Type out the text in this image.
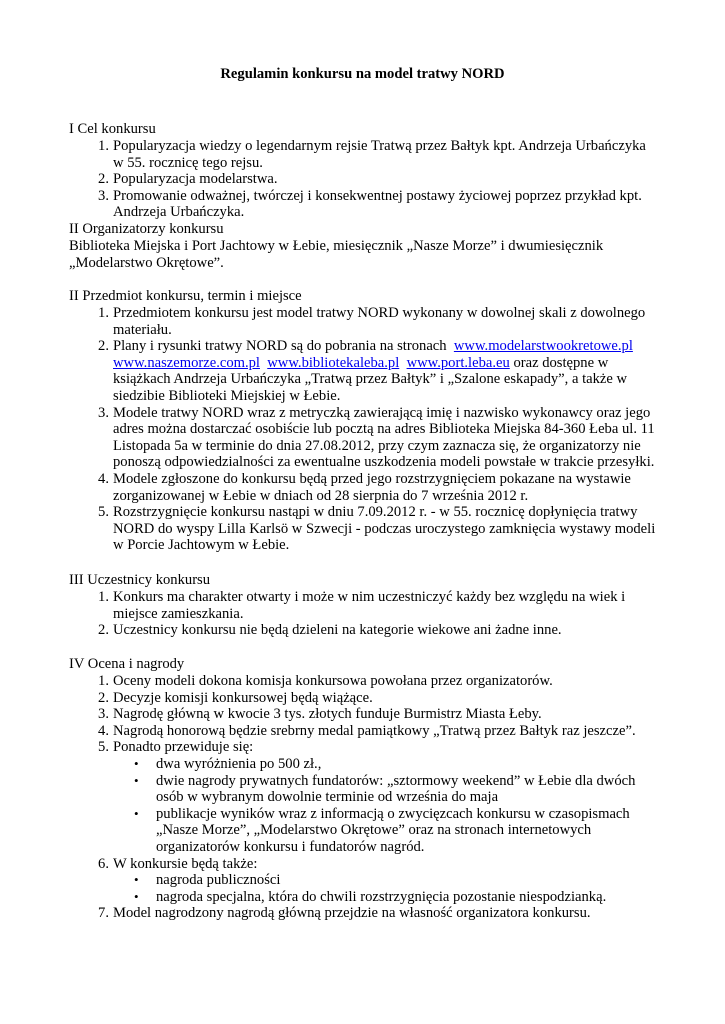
Regulamin konkursu na model tratwy NORD
I Cel konkursu
1. Popularyzacja wiedzy o legendarnym rejsie Tratwą przez Bałtyk kpt. Andrzeja Urbańczyka
w 55. rocznicę tego rejsu.
2. Popularyzacja modelarstwa.
3. Promowanie odważnej, twórczej i konsekwentnej postawy życiowej poprzez przykład kpt.
Andrzeja Urbańczyka.
II Organizatorzy konkursu
Biblioteka Miejska i Port Jachtowy w Łebie, miesięcznik „Nasze Morze” i dwumiesięcznik
„Modelarstwo Okrętowe”.
II Przedmiot konkursu, termin i miejsce
1. Przedmiotem konkursu jest model tratwy NORD wykonany w dowolnej skali z dowolnego
materiału.
2. Plany i rysunki tratwy NORD są do pobrania na stronach www.modelarstwookretowe.pl
www.naszemorze.com.pl www.bibliotekaleba.pl www.port.leba.eu oraz dostępne w
książkach Andrzeja Urbańczyka „Tratwą przez Bałtyk” i „Szalone eskapady”, a także w
siedzibie Biblioteki Miejskiej w Łebie.
3. Modele tratwy NORD wraz z metryczką zawierającą imię i nazwisko wykonawcy oraz jego
adres można dostarczać osobiście lub pocztą na adres Biblioteka Miejska 84-360 Łeba ul. 11
Listopada 5a w terminie do dnia 27.08.2012, przy czym zaznacza się, że organizatorzy nie
ponoszą odpowiedzialności za ewentualne uszkodzenia modeli powstałe w trakcie przesyłki.
4. Modele zgłoszone do konkursu będą przed jego rozstrzygnięciem pokazane na wystawie
zorganizowanej w Łebie w dniach od 28 sierpnia do 7 września 2012 r.
5. Rozstrzygnięcie konkursu nastąpi w dniu 7.09.2012 r. - w 55. rocznicę dopłynięcia tratwy
NORD do wyspy Lilla Karlsö w Szwecji - podczas uroczystego zamknięcia wystawy modeli
w Porcie Jachtowym w Łebie.
III Uczestnicy konkursu
1. Konkurs ma charakter otwarty i może w nim uczestniczyć każdy bez względu na wiek i
miejsce zamieszkania.
2. Uczestnicy konkursu nie będą dzieleni na kategorie wiekowe ani żadne inne.
IV Ocena i nagrody
1. Oceny modeli dokona komisja konkursowa powołana przez organizatorów.
2. Decyzje komisji konkursowej będą wiążące.
3. Nagrodę główną w kwocie 3 tys. złotych funduje Burmistrz Miasta Łeby.
4. Nagrodą honorową będzie srebrny medal pamiątkowy „Tratwą przez Bałtyk raz jeszcze”.
5. Ponadto przewiduje się:
• dwa wyróżnienia po 500 zł.,
• dwie nagrody prywatnych fundatorów: „sztormowy weekend” w Łebie dla dwóch
osób w wybranym dowolnie terminie od września do maja
• publikacje wyników wraz z informacją o zwycięzcach konkursu w czasopismach
„Nasze Morze”, „Modelarstwo Okrętowe” oraz na stronach internetowych
organizatorów konkursu i fundatorów nagród.
6. W konkursie będą także:
• nagroda publiczności
• nagroda specjalna, która do chwili rozstrzygnięcia pozostanie niespodzianką.
7. Model nagrodzony nagrodą główną przejdzie na własność organizatora konkursu.
